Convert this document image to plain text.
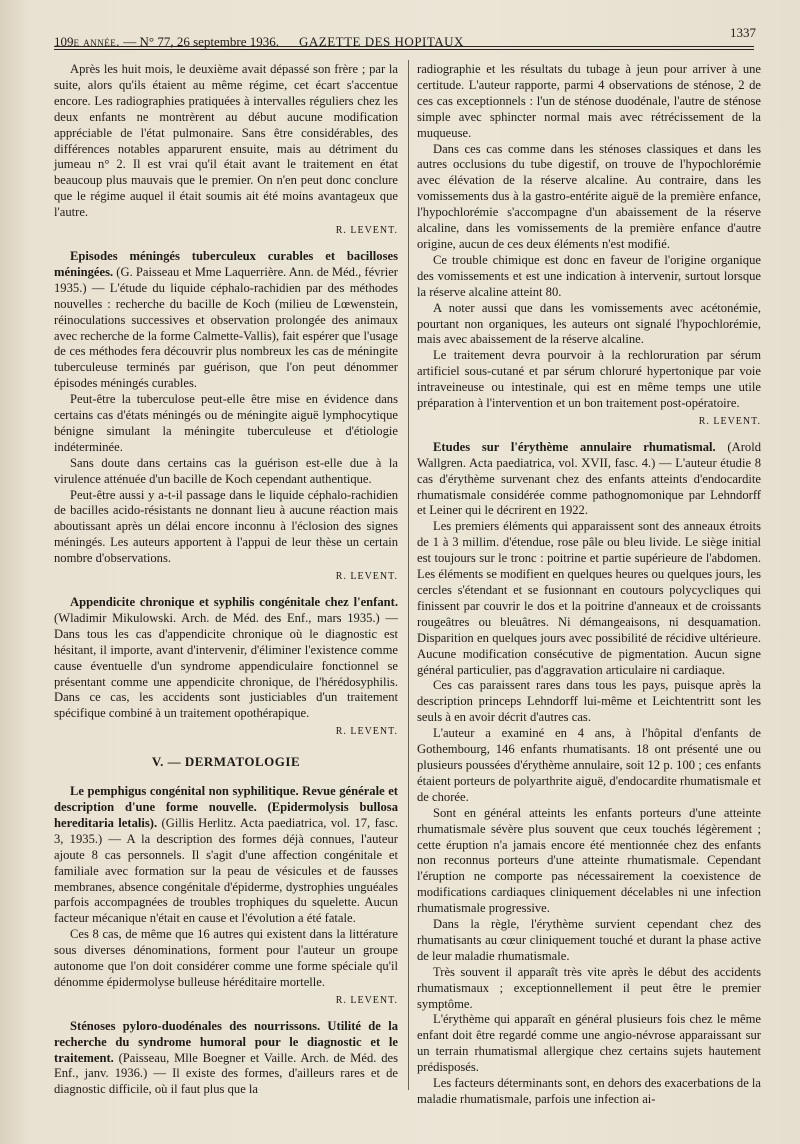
109e année. — N° 77, 26 septembre 1936. GAZETTE DES HOPITAUX
1337

Après les huit mois, le deuxième avait dépassé son frère ; par la suite, alors qu'ils étaient au même régime, cet écart s'accentue encore. Les radiographies pratiquées à intervalles réguliers chez les deux enfants ne montrèrent au début aucune modification appréciable de l'état pulmonaire. Sans être considérables, des différences notables apparurent ensuite, mais au détriment du jumeau n° 2. Il est vrai qu'il était avant le traitement en état beaucoup plus mauvais que le premier. On n'en peut donc conclure que le régime auquel il était soumis ait été moins avantageux que l'autre.

R. LEVENT.

Episodes méningés tuberculeux curables et bacilloses méningées. (G. Paisseau et Mme Laquerrière. Ann. de Méd., février 1935.) — L'étude du liquide céphalo-rachidien par des méthodes nouvelles : recherche du bacille de Koch (milieu de Lœwenstein, réinoculations successives et observation prolongée des animaux avec recherche de la forme Calmette-Vallis), fait espérer que l'usage de ces méthodes fera découvrir plus nombreux les cas de méningite tuberculeuse terminés par guérison, que l'on peut dénommer épisodes méningés curables.

Peut-être la tuberculose peut-elle être mise en évidence dans certains cas d'états méningés ou de méningite aiguë lymphocytique bénigne simulant la méningite tuberculeuse et d'étiologie indéterminée.

Sans doute dans certains cas la guérison est-elle due à la virulence atténuée d'un bacille de Koch cependant authentique.

Peut-être aussi y a-t-il passage dans le liquide céphalo-rachidien de bacilles acido-résistants ne donnant lieu à aucune réaction mais aboutissant après un délai encore inconnu à l'éclosion des signes méningés. Les auteurs apportent à l'appui de leur thèse un certain nombre d'observations.

R. LEVENT.

Appendicite chronique et syphilis congénitale chez l'enfant. (Wladimir Mikulowski. Arch. de Méd. des Enf., mars 1935.) — Dans tous les cas d'appendicite chronique où le diagnostic est hésitant, il importe, avant d'intervenir, d'éliminer l'existence comme cause éventuelle d'un syndrome appendiculaire fonctionnel se présentant comme une appendicite chronique, de l'hérédosyphilis. Dans ce cas, les accidents sont justiciables d'un traitement spécifique combiné à un traitement opothérapique.

R. LEVENT.

V. — DERMATOLOGIE

Le pemphigus congénital non syphilitique. Revue générale et description d'une forme nouvelle. (Epidermolysis bullosa hereditaria letalis). (Gillis Herlitz. Acta paediatrica, vol. 17, fasc. 3, 1935.) — A la description des formes déjà connues, l'auteur ajoute 8 cas personnels. Il s'agit d'une affection congénitale et familiale avec formation sur la peau de vésicules et de fausses membranes, absence congénitale d'épiderme, dystrophies unguéales parfois accompagnées de troubles trophiques du squelette. Aucun facteur mécanique n'était en cause et l'évolution a été fatale.

Ces 8 cas, de même que 16 autres qui existent dans la littérature sous diverses dénominations, forment pour l'auteur un groupe autonome que l'on doit considérer comme une forme spéciale qu'il dénomme épidermolyse bulleuse héréditaire mortelle.

R. LEVENT.

Sténoses pyloro-duodénales des nourrissons. Utilité de la recherche du syndrome humoral pour le diagnostic et le traitement. (Paisseau, Mlle Boegner et Vaille. Arch. de Méd. des Enf., janv. 1936.) — Il existe des formes, d'ailleurs rares et de diagnostic difficile, où il faut plus que la

radiographie et les résultats du tubage à jeun pour arriver à une certitude. L'auteur rapporte, parmi 4 observations de sténose, 2 de ces cas exceptionnels : l'un de sténose duodénale, l'autre de sténose simple avec sphincter normal mais avec rétrécissement de la muqueuse.

Dans ces cas comme dans les sténoses classiques et dans les autres occlusions du tube digestif, on trouve de l'hypochlorémie avec élévation de la réserve alcaline. Au contraire, dans les vomissements dus à la gastro-entérite aiguë de la première enfance, l'hypochlorémie s'accompagne d'un abaissement de la réserve alcaline, dans les vomissements de la première enfance d'autre origine, aucun de ces deux éléments n'est modifié.

Ce trouble chimique est donc en faveur de l'origine organique des vomissements et est une indication à intervenir, surtout lorsque la réserve alcaline atteint 80.

A noter aussi que dans les vomissements avec acétonémie, pourtant non organiques, les auteurs ont signalé l'hypochlorémie, mais avec abaissement de la réserve alcaline.

Le traitement devra pourvoir à la rechloruration par sérum artificiel sous-cutané et par sérum chloruré hypertonique par voie intraveineuse ou intestinale, qui est en même temps une utile préparation à l'intervention et un bon traitement post-opératoire.

R. LEVENT.

Etudes sur l'érythème annulaire rhumatismal. (Arold Wallgren. Acta paediatrica, vol. XVII, fasc. 4.) — L'auteur étudie 8 cas d'érythème survenant chez des enfants atteints d'endocardite rhumatismale considérée comme pathognomonique par Lehndorff et Leiner qui le décrirent en 1922.

Les premiers éléments qui apparaissent sont des anneaux étroits de 1 à 3 millim. d'étendue, rose pâle ou bleu livide. Le siège initial est toujours sur le tronc : poitrine et partie supérieure de l'abdomen. Les éléments se modifient en quelques heures ou quelques jours, les cercles s'étendant et se fusionnant en coutours polycycliques qui finissent par couvrir le dos et la poitrine d'anneaux et de croissants rougeâtres ou bleuâtres. Ni démangeaisons, ni desquamation. Disparition en quelques jours avec possibilité de récidive ultérieure. Aucune modification consécutive de pigmentation. Aucun signe général particulier, pas d'aggravation articulaire ni cardiaque.

Ces cas paraissent rares dans tous les pays, puisque après la description princeps Lehndorff lui-même et Leichtentritt sont les seuls à en avoir décrit d'autres cas.

L'auteur a examiné en 4 ans, à l'hôpital d'enfants de Gothembourg, 146 enfants rhumatisants. 18 ont présenté une ou plusieurs poussées d'érythème annulaire, soit 12 p. 100 ; ces enfants étaient porteurs de polyarthrite aiguë, d'endocardite rhumatismale et de chorée.

Sont en général atteints les enfants porteurs d'une atteinte rhumatismale sévère plus souvent que ceux touchés légèrement ; cette éruption n'a jamais encore été mentionnée chez des enfants non reconnus porteurs d'une atteinte rhumatismale. Cependant l'éruption ne comporte pas nécessairement la coexistence de modifications cardiaques cliniquement décelables ni une infection rhumatismale progressive.

Dans la règle, l'érythème survient cependant chez des rhumatisants au cœur cliniquement touché et durant la phase active de leur maladie rhumatismale.

Très souvent il apparaît très vite après le début des accidents rhumatismaux ; exceptionnellement il peut être le premier symptôme.

L'érythème qui apparaît en général plusieurs fois chez le même enfant doit être regardé comme une angio-névrose apparaissant sur un terrain rhumatismal allergique chez certains sujets hautement prédisposés.

Les facteurs déterminants sont, en dehors des exacerbations de la maladie rhumatismale, parfois une infection ai-
